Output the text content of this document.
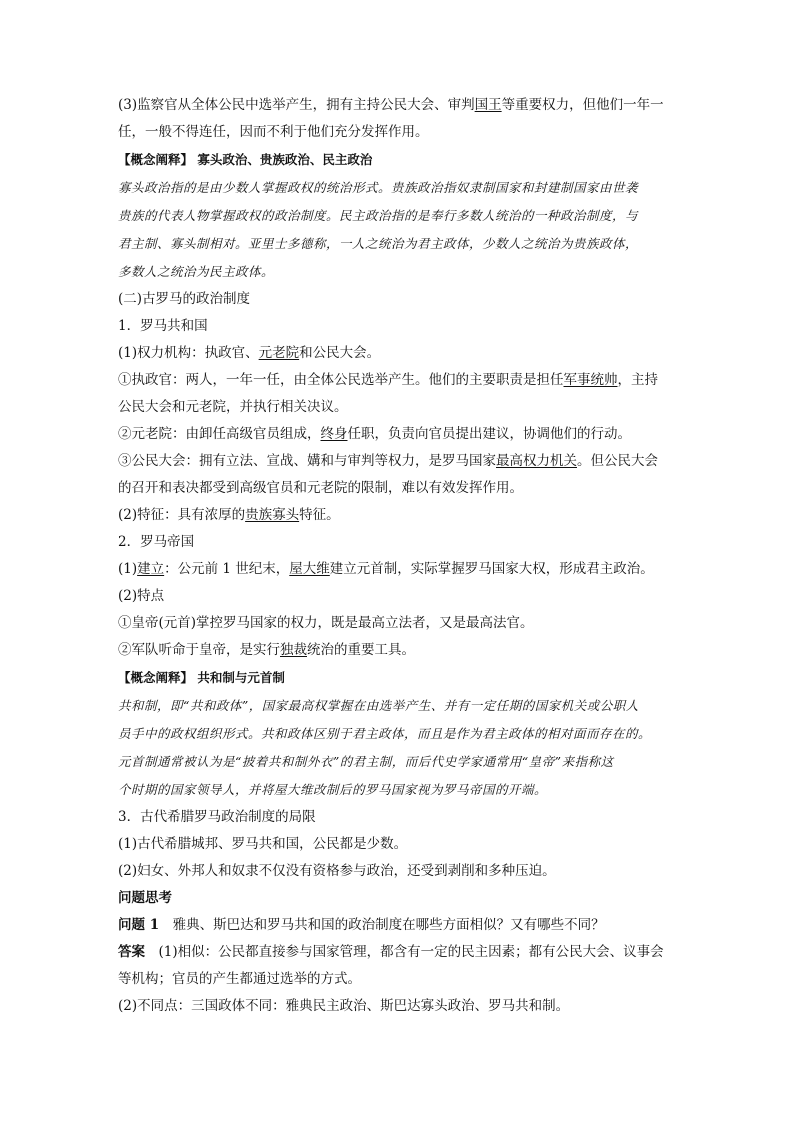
(3)监察官从全体公民中选举产生，拥有主持公民大会、审判国王等重要权力，但他们一年一
任，一般不得连任，因而不利于他们充分发挥作用。
【概念阐释】 寡头政治、贵族政治、民主政治
寡头政治指的是由少数人掌握政权的统治形式。贵族政治指奴隶制国家和封建制国家由世袭
贵族的代表人物掌握政权的政治制度。民主政治指的是奉行多数人统治的一种政治制度，与
君主制、寡头制相对。亚里士多德称，一人之统治为君主政体，少数人之统治为贵族政体，
多数人之统治为民主政体。
(二)古罗马的政治制度
1．罗马共和国
(1)权力机构：执政官、元老院和公民大会。
①执政官：两人，一年一任，由全体公民选举产生。他们的主要职责是担任军事统帅，主持
公民大会和元老院，并执行相关决议。
②元老院：由卸任高级官员组成，终身任职，负责向官员提出建议，协调他们的行动。
③公民大会：拥有立法、宣战、媾和与审判等权力，是罗马国家最高权力机关。但公民大会
的召开和表决都受到高级官员和元老院的限制，难以有效发挥作用。
(2)特征：具有浓厚的贵族寡头特征。
2．罗马帝国
(1)建立：公元前 1 世纪末，屋大维建立元首制，实际掌握罗马国家大权，形成君主政治。
(2)特点
①皇帝(元首)掌控罗马国家的权力，既是最高立法者，又是最高法官。
②军队听命于皇帝，是实行独裁统治的重要工具。
【概念阐释】 共和制与元首制
共和制，即“共和政体”，国家最高权掌握在由选举产生、并有一定任期的国家机关或公职人
员手中的政权组织形式。共和政体区别于君主政体，而且是作为君主政体的相对面而存在的。
元首制通常被认为是“披着共和制外衣”的君主制，而后代史学家通常用“皇帝”来指称这
个时期的国家领导人，并将屋大维改制后的罗马国家视为罗马帝国的开端。
3．古代希腊罗马政治制度的局限
(1)古代希腊城邦、罗马共和国，公民都是少数。
(2)妇女、外邦人和奴隶不仅没有资格参与政治，还受到剥削和多种压迫。
问题思考
问题 1　雅典、斯巴达和罗马共和国的政治制度在哪些方面相似？又有哪些不同？
答案　(1)相似：公民都直接参与国家管理，都含有一定的民主因素；都有公民大会、议事会
等机构；官员的产生都通过选举的方式。
(2)不同点：三国政体不同：雅典民主政治、斯巴达寡头政治、罗马共和制。
